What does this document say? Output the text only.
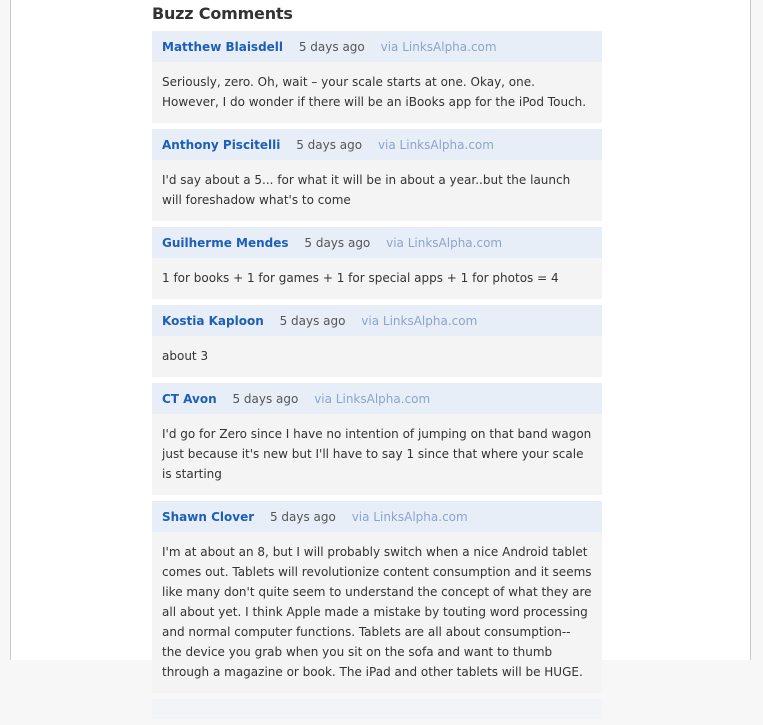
Buzz Comments
Matthew Blaisdell 5 days ago via LinksAlpha.com

Seriously, zero. Oh, wait – your scale starts at one. Okay, one. However, I do wonder if there will be an iBooks app for the iPod Touch.

Anthony Piscitelli 5 days ago via LinksAlpha.com

I'd say about a 5... for what it will be in about a year..but the launch will foreshadow what's to come

Guilherme Mendes 5 days ago via LinksAlpha.com

1 for books + 1 for games + 1 for special apps + 1 for photos = 4

Kostia Kaploon 5 days ago via LinksAlpha.com

about 3

CT Avon 5 days ago via LinksAlpha.com

I'd go for Zero since I have no intention of jumping on that band wagon just because it's new but I'll have to say 1 since that where your scale is starting

Shawn Clover 5 days ago via LinksAlpha.com

I'm at about an 8, but I will probably switch when a nice Android tablet comes out. Tablets will revolutionize content consumption and it seems like many don't quite seem to understand the concept of what they are all about yet. I think Apple made a mistake by touting word processing and normal computer functions. Tablets are all about consumption-- the device you grab when you sit on the sofa and want to thumb through a magazine or book. The iPad and other tablets will be HUGE.
